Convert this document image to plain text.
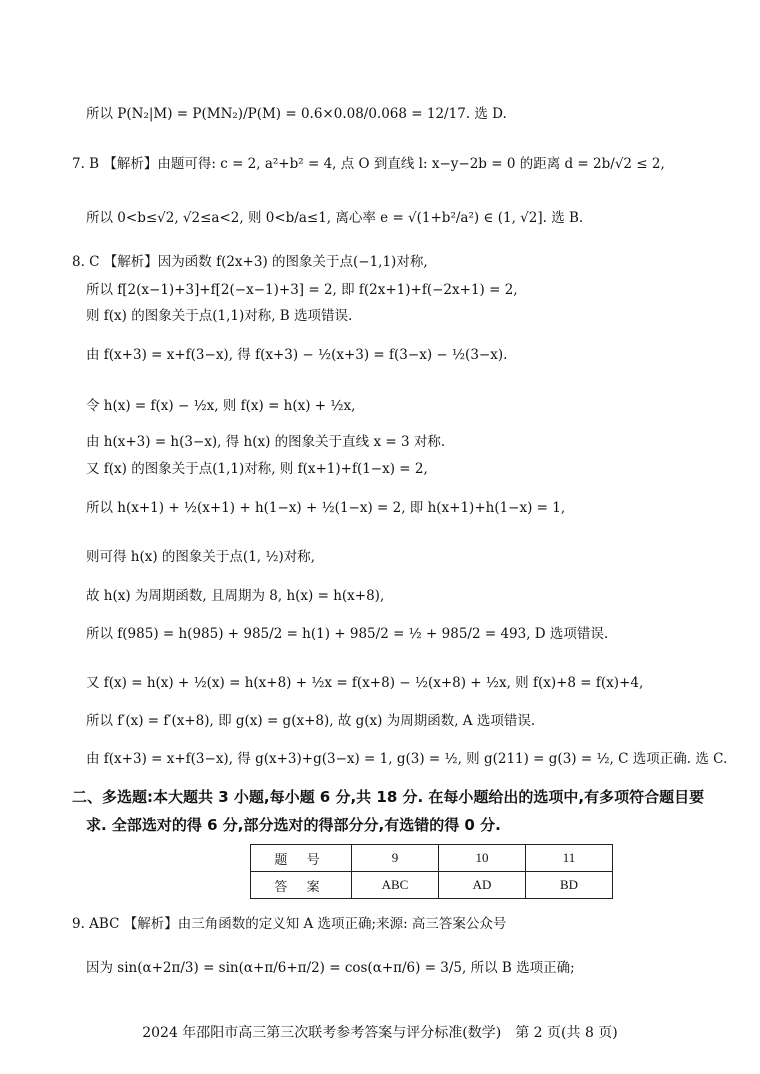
所以 P(N₂|M) = P(MN₂)/P(M) = 0.6×0.08/0.068 = 12/17. 选 D.
7. B 【解析】由题可得: c = 2, a²+b² = 4, 点 O 到直线 l: x−y−2b = 0 的距离 d = 2b/√2 ≤ 2,
所以 0<b≤√2, √2≤a<2, 则 0<b/a≤1, 离心率 e = √(1+b²/a²) ∈ (1, √2]. 选 B.
8. C 【解析】因为函数 f(2x+3) 的图象关于点(−1,1)对称,
所以 f[2(x−1)+3]+f[2(−x−1)+3] = 2, 即 f(2x+1)+f(−2x+1) = 2,
则 f(x) 的图象关于点(1,1)对称, B 选项错误.
由 f(x+3) = x+f(3−x), 得 f(x+3) − ½(x+3) = f(3−x) − ½(3−x).
令 h(x) = f(x) − ½x, 则 f(x) = h(x) + ½x,
由 h(x+3) = h(3−x), 得 h(x) 的图象关于直线 x = 3 对称.
又 f(x) 的图象关于点(1,1)对称, 则 f(x+1)+f(1−x) = 2,
所以 h(x+1) + ½(x+1) + h(1−x) + ½(1−x) = 2, 即 h(x+1)+h(1−x) = 1,
则可得 h(x) 的图象关于点(1, ½)对称,
故 h(x) 为周期函数, 且周期为 8, h(x) = h(x+8),
所以 f(985) = h(985) + 985/2 = h(1) + 985/2 = ½ + 985/2 = 493, D 选项错误.
又 f(x) = h(x) + ½(x) = h(x+8) + ½x = f(x+8) − ½(x+8) + ½x, 则 f(x)+8 = f(x)+4,
所以 f′(x) = f′(x+8), 即 g(x) = g(x+8), 故 g(x) 为周期函数, A 选项错误.
由 f(x+3) = x+f(3−x), 得 g(x+3)+g(3−x) = 1, g(3) = ½, 则 g(211) = g(3) = ½, C 选项正确. 选 C.
二、多选题:本大题共 3 小题,每小题 6 分,共 18 分. 在每小题给出的选项中,有多项符合题目要
求. 全部选对的得 6 分,部分选对的得部分分,有选错的得 0 分.
题 号	9	10	11
答 案	ABC	AD	BD
9. ABC 【解析】由三角函数的定义知 A 选项正确;来源: 高三答案公众号
因为 sin(α+2π/3) = sin(α+π/6+π/2) = cos(α+π/6) = 3/5, 所以 B 选项正确;
2024 年邵阳市高三第三次联考参考答案与评分标准(数学)　第 2 页(共 8 页)
